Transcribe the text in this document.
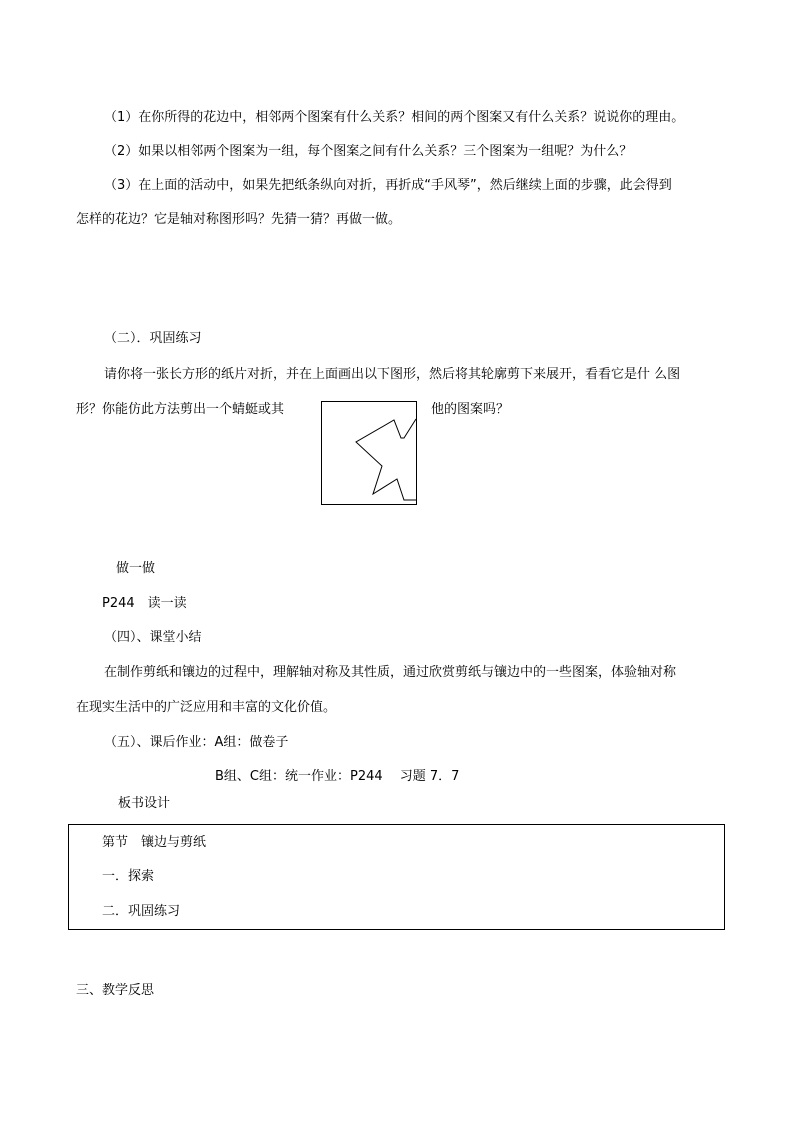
（1）在你所得的花边中，相邻两个图案有什么关系？相间的两个图案又有什么关系？说说你的理由。
（2）如果以相邻两个图案为一组，每个图案之间有什么关系？三个图案为一组呢？为什么？
（3）在上面的活动中，如果先把纸条纵向对折，再折成“手风琴”，然后继续上面的步骤，此会得到
怎样的花边？它是轴对称图形吗？先猜一猜？再做一做。
（二）．巩固练习
请你将一张长方形的纸片对折，并在上面画出以下图形，然后将其轮廓剪下来展开，看看它是什 么图
形？你能仿此方法剪出一个蜻蜓或其	他的图案吗？
做一做
P244　读一读
（四）、课堂小结
在制作剪纸和镶边的过程中，理解轴对称及其性质，通过欣赏剪纸与镶边中的一些图案，体验轴对称
在现实生活中的广泛应用和丰富的文化价值。
（五）、课后作业：A组：做卷子
B组、C组：统一作业：P244　 习题 7．7
板书设计
第节　镶边与剪纸
一．探索
二．巩固练习
三、教学反思
